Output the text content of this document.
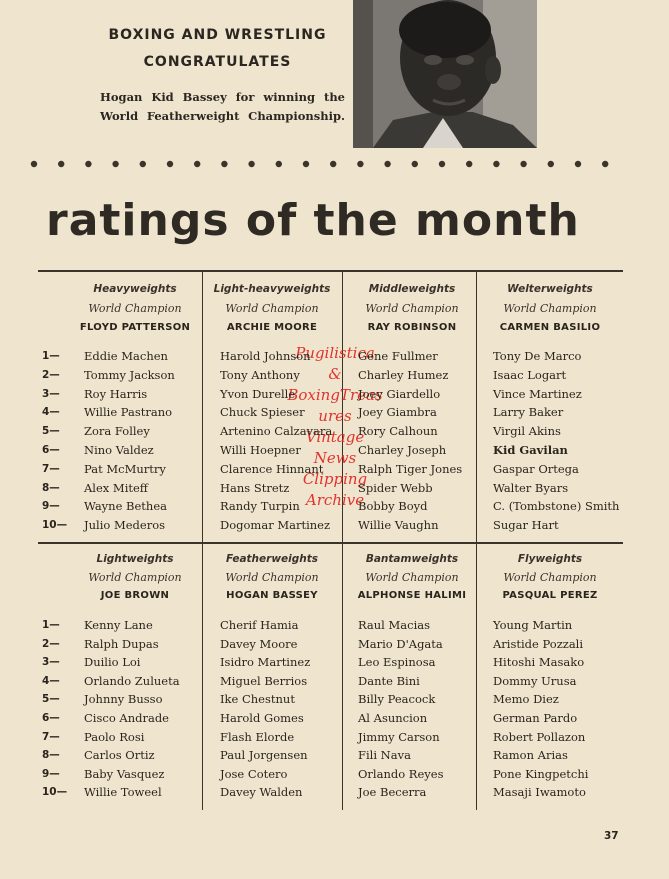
BOXING AND WRESTLING
CONGRATULATES
Hogan Kid Bassey for winning the World Featherweight Championship.
ratings of the month
Pugilistica
&
BoxingTreas
ures
Vintage
News
Clipping
Archive
37
Heavyweights
World Champion
FLOYD PATTERSON
Eddie Machen
Tommy Jackson
Roy Harris
Willie Pastrano
Zora Folley
Nino Valdez
Pat McMurtry
Alex Miteff
Wayne Bethea
Julio Mederos
Light-heavyweights
World Champion
ARCHIE MOORE
Harold Johnson
Tony Anthony
Yvon Durelle
Chuck Spieser
Artenino Calzavara
Willi Hoepner
Clarence Hinnant
Hans Stretz
Randy Turpin
Dogomar Martinez
Middleweights
World Champion
RAY ROBINSON
Gene Fullmer
Charley Humez
Joey Giardello
Joey Giambra
Rory Calhoun
Charley Joseph
Ralph Tiger Jones
Spider Webb
Bobby Boyd
Willie Vaughn
Welterweights
World Champion
CARMEN BASILIO
Tony De Marco
Isaac Logart
Vince Martinez
Larry Baker
Virgil Akins
Kid Gavilan
Gaspar Ortega
Walter Byars
C. (Tombstone) Smith
Sugar Hart
1—
2—
3—
4—
5—
6—
7—
8—
9—
10—
Lightweights
World Champion
JOE BROWN
Kenny Lane
Ralph Dupas
Duilio Loi
Orlando Zulueta
Johnny Busso
Cisco Andrade
Paolo Rosi
Carlos Ortiz
Baby Vasquez
Willie Toweel
Featherweights
World Champion
HOGAN BASSEY
Cherif Hamia
Davey Moore
Isidro Martinez
Miguel Berrios
Ike Chestnut
Harold Gomes
Flash Elorde
Paul Jorgensen
Jose Cotero
Davey Walden
Bantamweights
World Champion
ALPHONSE HALIMI
Raul Macias
Mario D'Agata
Leo Espinosa
Dante Bini
Billy Peacock
Al Asuncion
Jimmy Carson
Fili Nava
Orlando Reyes
Joe Becerra
Flyweights
World Champion
PASQUAL PEREZ
Young Martin
Aristide Pozzali
Hitoshi Masako
Dommy Urusa
Memo Diez
German Pardo
Robert Pollazon
Ramon Arias
Pone Kingpetchi
Masaji Iwamoto
1—
2—
3—
4—
5—
6—
7—
8—
9—
10—
